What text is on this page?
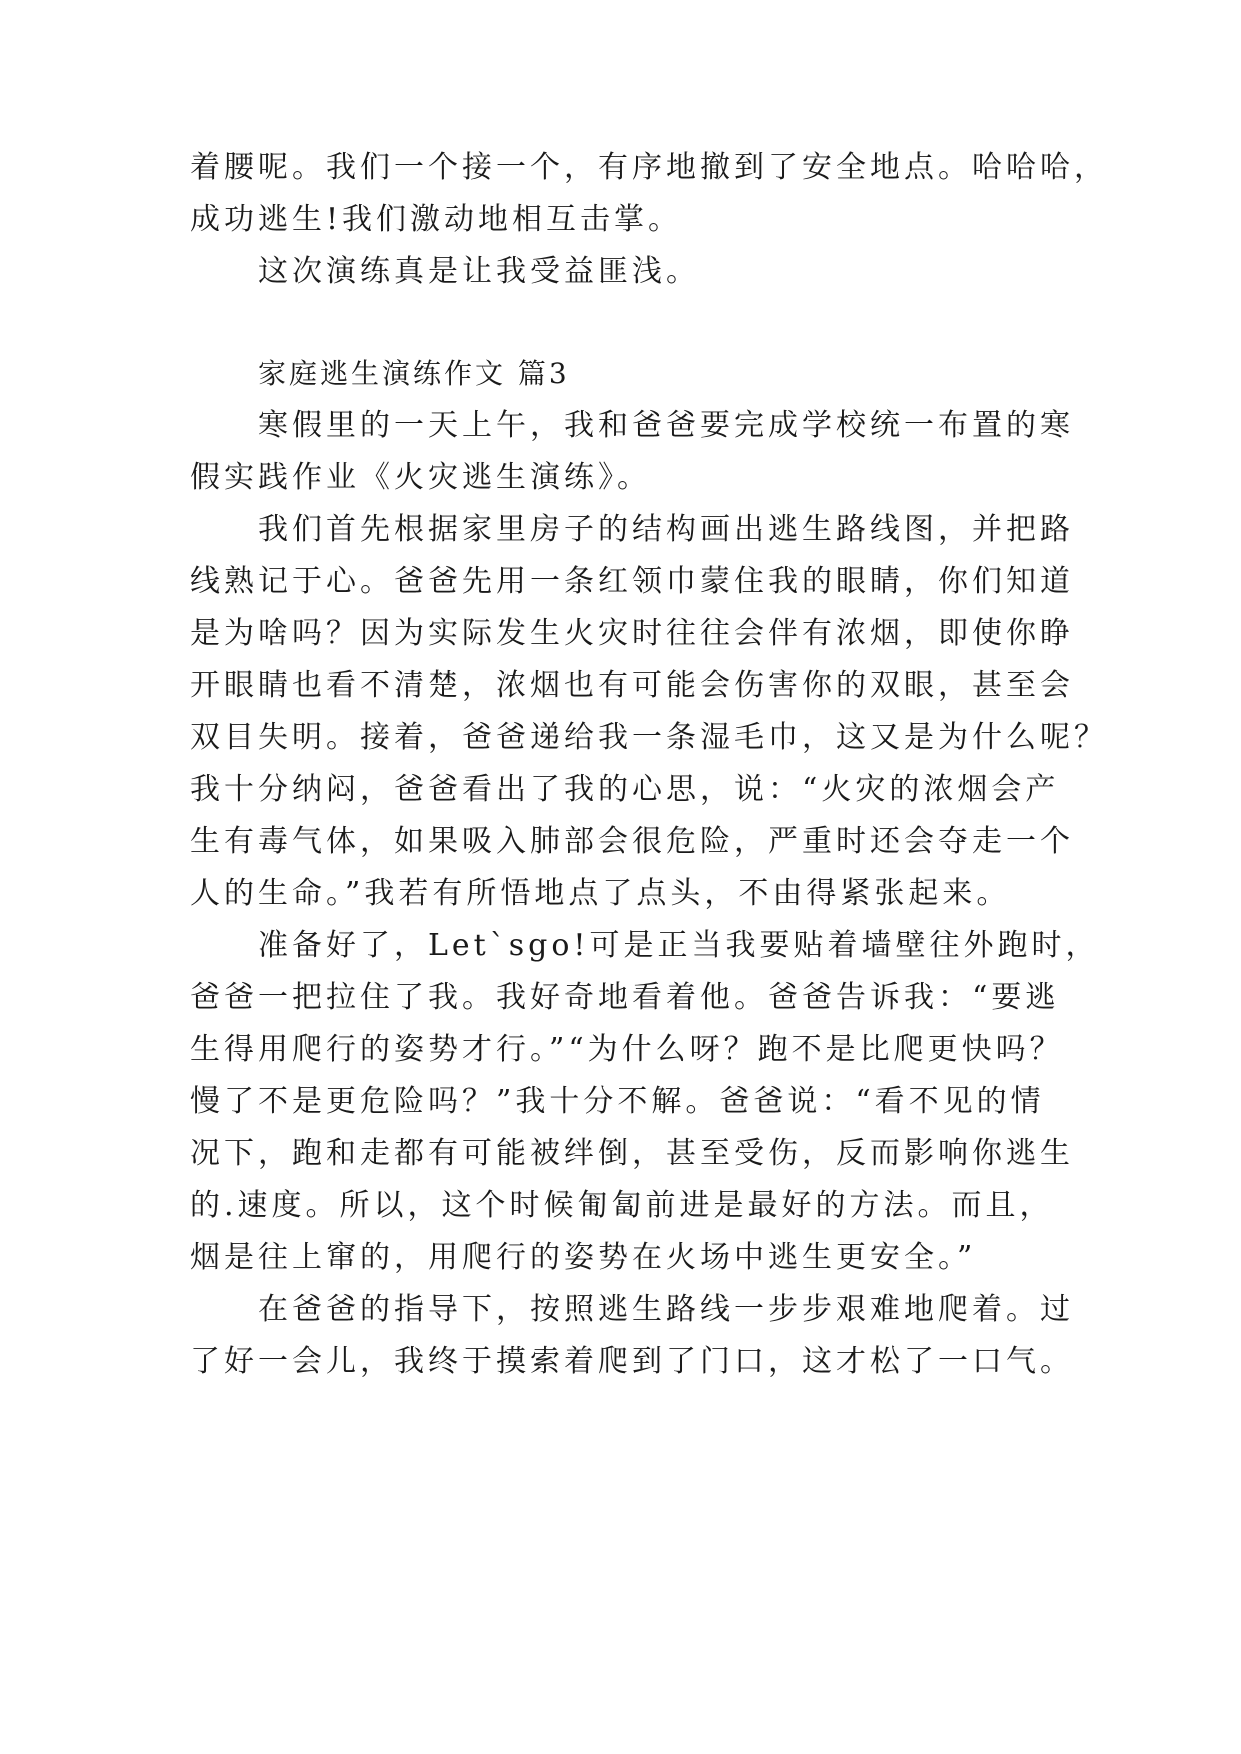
着腰呢。我们一个接一个，有序地撤到了安全地点。哈哈哈，
成功逃生!我们激动地相互击掌。
这次演练真是让我受益匪浅。
家庭逃生演练作文 篇3
寒假里的一天上午，我和爸爸要完成学校统一布置的寒
假实践作业《火灾逃生演练》。
我们首先根据家里房子的结构画出逃生路线图，并把路
线熟记于心。爸爸先用一条红领巾蒙住我的眼睛，你们知道
是为啥吗？因为实际发生火灾时往往会伴有浓烟，即使你睁
开眼睛也看不清楚，浓烟也有可能会伤害你的双眼，甚至会
双目失明。接着，爸爸递给我一条湿毛巾，这又是为什么呢？
我十分纳闷，爸爸看出了我的心思，说：“火灾的浓烟会产
生有毒气体，如果吸入肺部会很危险，严重时还会夺走一个
人的生命。”我若有所悟地点了点头，不由得紧张起来。
准备好了，Let`sgo!可是正当我要贴着墙壁往外跑时，
爸爸一把拉住了我。我好奇地看着他。爸爸告诉我：“要逃
生得用爬行的姿势才行。”“为什么呀？跑不是比爬更快吗？
慢了不是更危险吗？”我十分不解。爸爸说：“看不见的情
况下，跑和走都有可能被绊倒，甚至受伤，反而影响你逃生
的.速度。所以，这个时候匍匐前进是最好的方法。而且，
烟是往上窜的，用爬行的姿势在火场中逃生更安全。”
在爸爸的指导下，按照逃生路线一步步艰难地爬着。过
了好一会儿，我终于摸索着爬到了门口，这才松了一口气。
